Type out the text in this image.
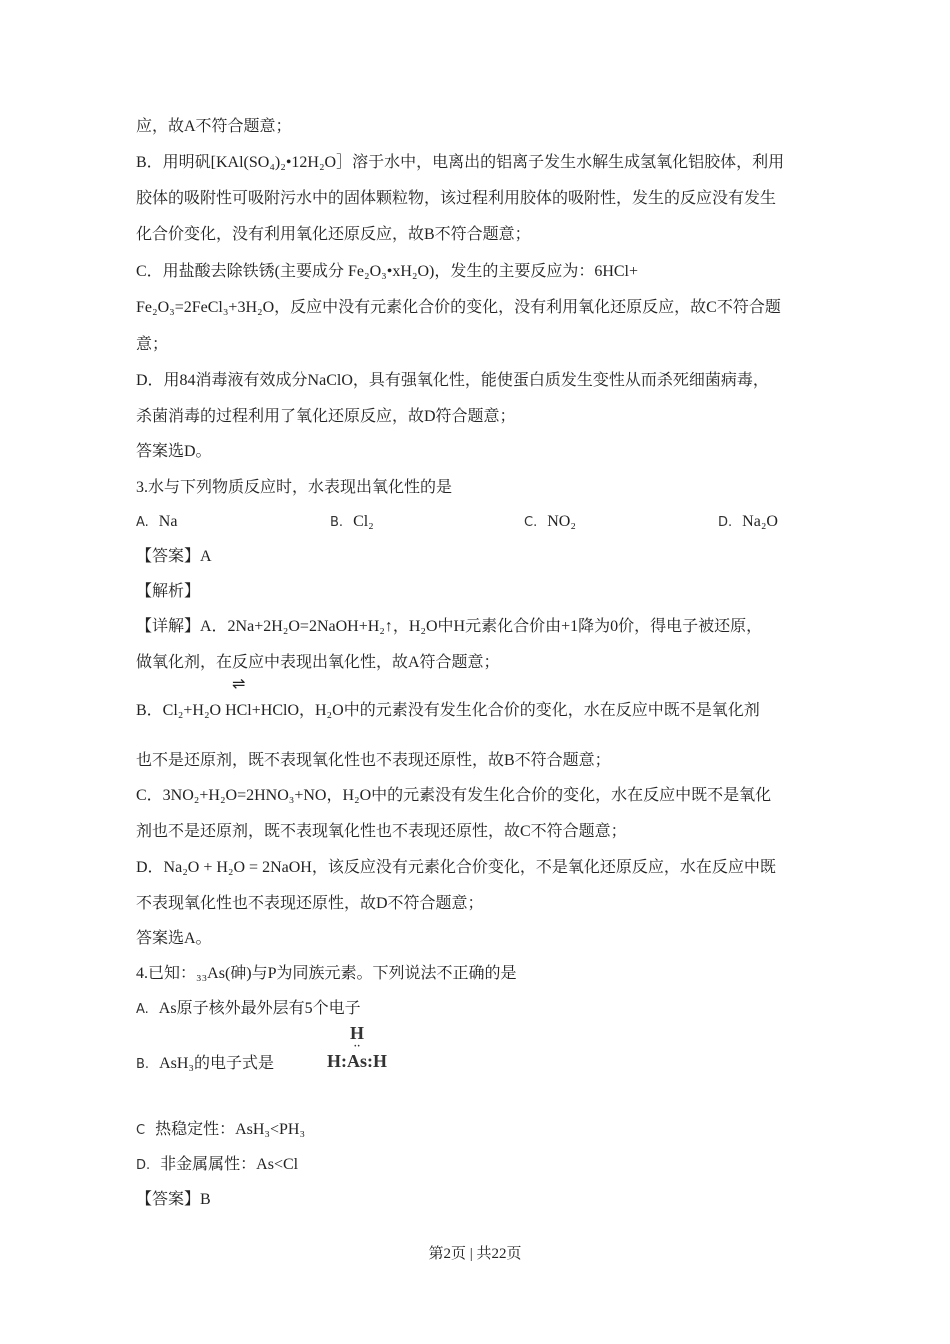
应，故A不符合题意；
B．用明矾[KAl(SO₄)₂•12H₂O］溶于水中，电离出的铝离子发生水解生成氢氧化铝胶体，利用
胶体的吸附性可吸附污水中的固体颗粒物，该过程利用胶体的吸附性，发生的反应没有发生
化合价变化，没有利用氧化还原反应，故B不符合题意；
C．用盐酸去除铁锈(主要成分 Fe₂O₃•xH₂O)，发生的主要反应为：6HCl+
Fe₂O₃=2FeCl₃+3H₂O，反应中没有元素化合价的变化，没有利用氧化还原反应，故C不符合题
意；
D．用84消毒液有效成分NaClO，具有强氧化性，能使蛋白质发生变性从而杀死细菌病毒，
杀菌消毒的过程利用了氧化还原反应，故D符合题意；
答案选D。
3.水与下列物质反应时，水表现出氧化性的是
A. Na	B. Cl₂	C. NO₂	D. Na₂O
【答案】A
【解析】
【详解】A．2Na+2H₂O=2NaOH+H₂↑，H₂O中H元素化合价由+1降为0价，得电子被还原，
做氧化剂，在反应中表现出氧化性，故A符合题意；
⇌
B．Cl₂+H₂O HCl+HClO，H₂O中的元素没有发生化合价的变化，水在反应中既不是氧化剂
也不是还原剂，既不表现氧化性也不表现还原性，故B不符合题意；
C．3NO₂+H₂O=2HNO₃+NO，H₂O中的元素没有发生化合价的变化，水在反应中既不是氧化
剂也不是还原剂，既不表现氧化性也不表现还原性，故C不符合题意；
D．Na₂O + H₂O = 2NaOH，该反应没有元素化合价变化，不是氧化还原反应，水在反应中既
不表现氧化性也不表现还原性，故D不符合题意；
答案选A。
4.已知：₃₃As(砷)与P为同族元素。下列说法不正确的是
A. As原子核外最外层有5个电子
B. AsH₃的电子式是
H
··
H:As:H
C 热稳定性：AsH₃<PH₃
D. 非金属属性：As<Cl
【答案】B
第2页 | 共22页
